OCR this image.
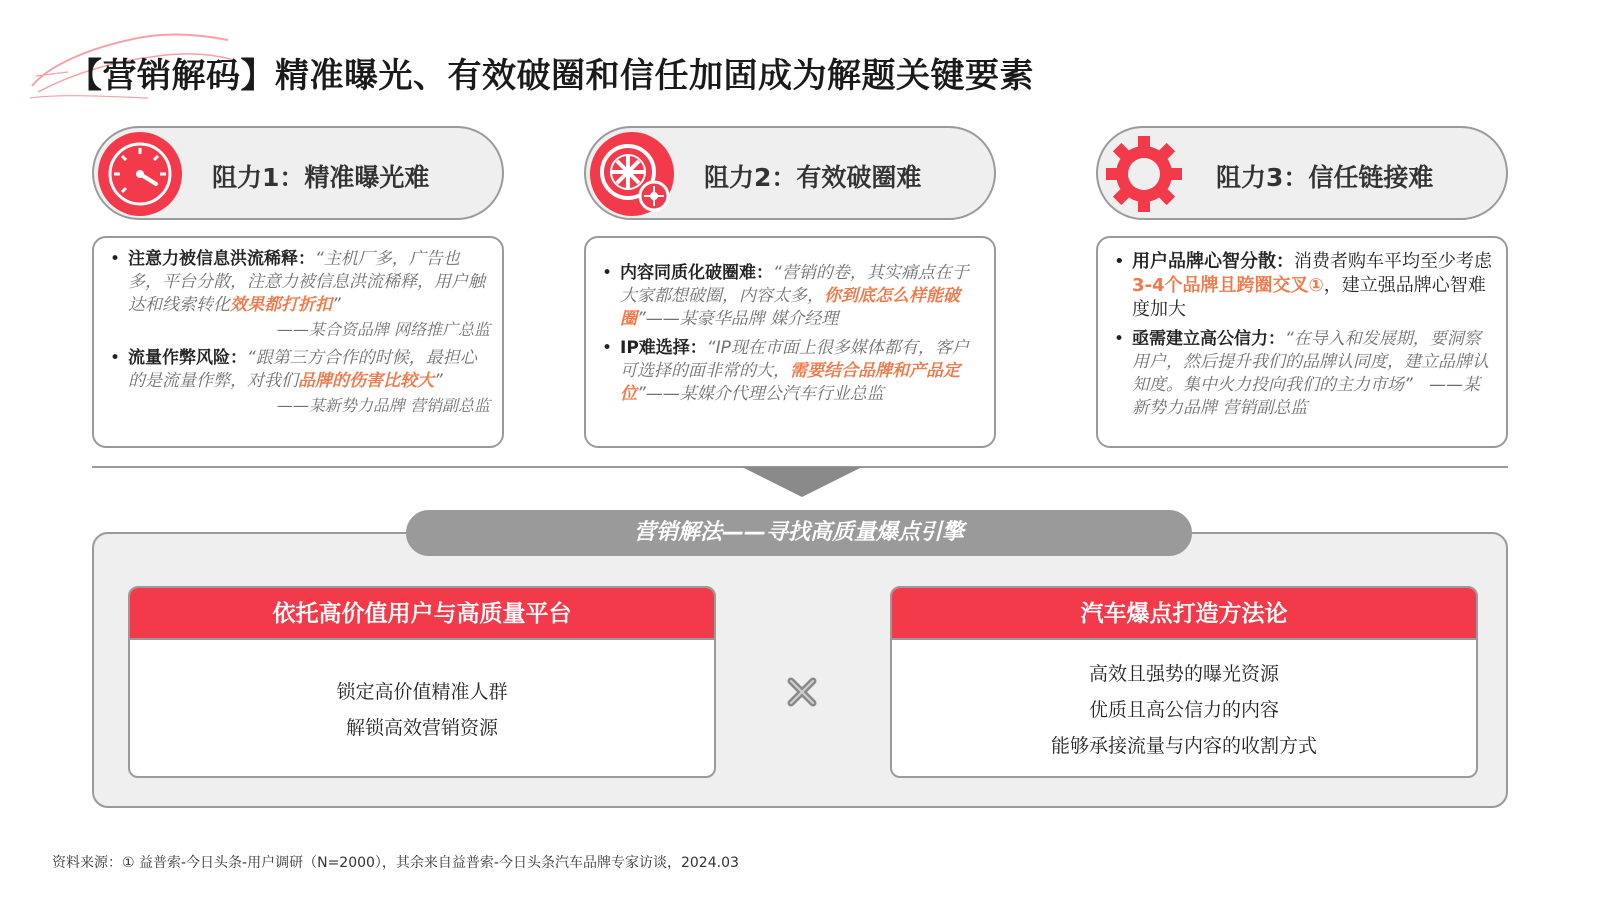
【营销解码】精准曝光、有效破圈和信任加固成为解题关键要素
阻力1：精准曝光难
• 注意力被信息洪流稀释：“主机厂多，广告也多，平台分散，注意力被信息洪流稀释，用户触达和线索转化效果都打折扣”
——某合资品牌 网络推广总监
• 流量作弊风险：“跟第三方合作的时候，最担心的是流量作弊，对我们品牌的伤害比较大”
——某新势力品牌 营销副总监
阻力2：有效破圈难
• 内容同质化破圈难：“营销的卷，其实痛点在于大家都想破圈，内容太多，你到底怎么样能破圈”——某豪华品牌 媒介经理
• IP难选择：“IP现在市面上很多媒体都有，客户可选择的面非常的大，需要结合品牌和产品定位”——某媒介代理公汽车行业总监
阻力3：信任链接难
• 用户品牌心智分散：消费者购车平均至少考虑3-4个品牌且跨圈交叉①，建立强品牌心智难度加大
• 亟需建立高公信力：“在导入和发展期，要洞察用户，然后提升我们的品牌认同度，建立品牌认知度。集中火力投向我们的主力市场” ——某新势力品牌 营销副总监
营销解法——寻找高质量爆点引擎
依托高价值用户与高质量平台
锁定高价值精准人群
解锁高效营销资源
汽车爆点打造方法论
高效且强势的曝光资源
优质且高公信力的内容
能够承接流量与内容的收割方式
资料来源：① 益普索-今日头条-用户调研（N=2000），其余来自益普索-今日头条汽车品牌专家访谈，2024.03
